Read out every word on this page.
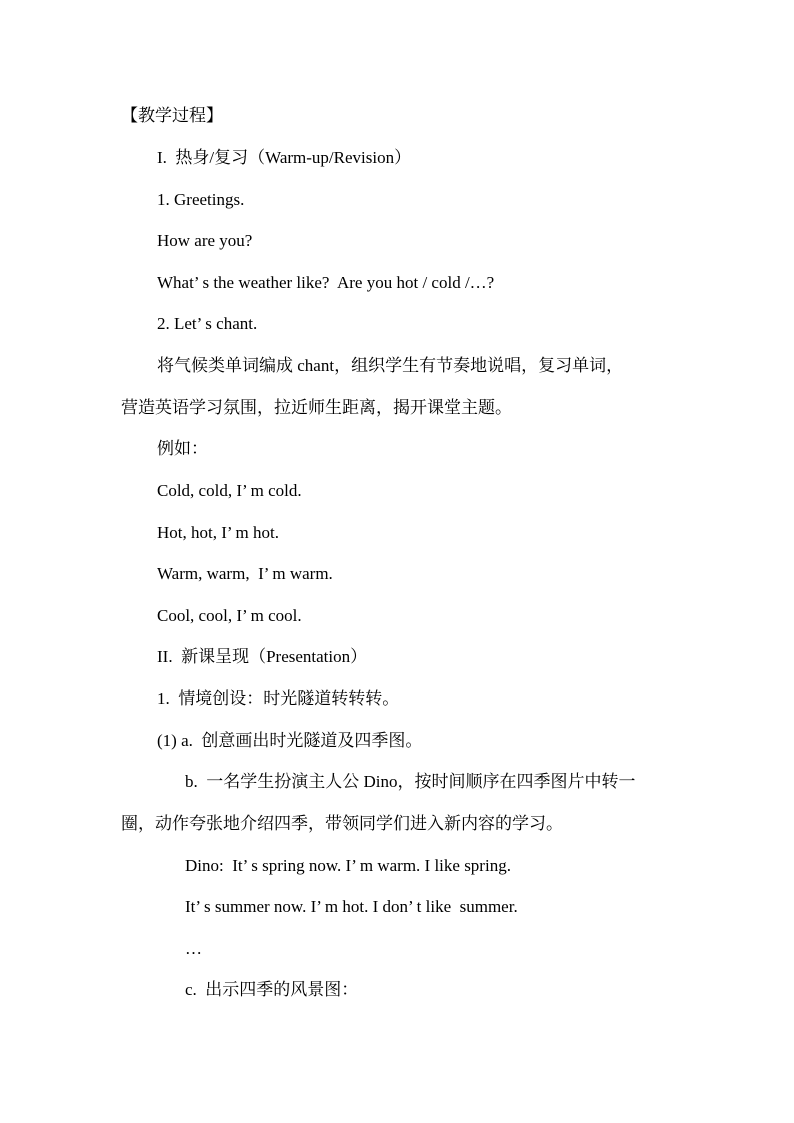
【教学过程】

I.  热身/复习（Warm-up/Revision）

1. Greetings.

How are you?

What’ s the weather like?  Are you hot / cold /…?

2. Let’ s chant.

将气候类单词编成 chant，组织学生有节奏地说唱，复习单词，

营造英语学习氛围，拉近师生距离，揭开课堂主题。

例如：

Cold, cold, I’ m cold.

Hot, hot, I’ m hot.

Warm, warm,  I’ m warm.

Cool, cool, I’ m cool.

II.  新课呈现（Presentation）

1.  情境创设：时光隧道转转转。

(1) a.  创意画出时光隧道及四季图。

b.  一名学生扮演主人公 Dino，按时间顺序在四季图片中转一

圈，动作夸张地介绍四季，带领同学们进入新内容的学习。

Dino:  It’ s spring now. I’ m warm. I like spring.

It’ s summer now. I’ m hot. I don’ t like  summer.

…

c.  出示四季的风景图：
